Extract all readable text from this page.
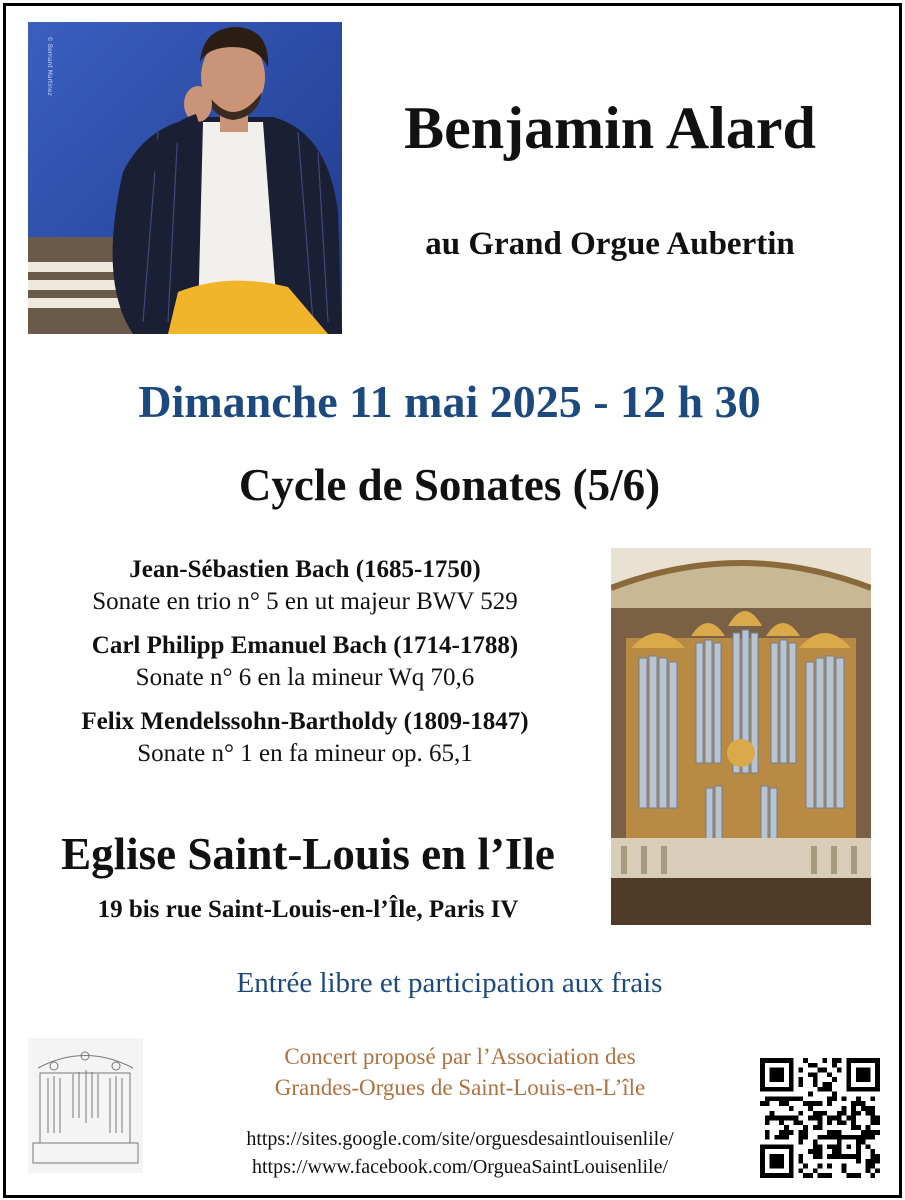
© Bernard Martinez
Benjamin Alard
au Grand Orgue Aubertin
Dimanche 11 mai 2025 - 12 h 30
Cycle de Sonates (5/6)
Jean-Sébastien Bach (1685-1750)
Sonate en trio n° 5 en ut majeur BWV 529
Carl Philipp Emanuel Bach (1714-1788)
Sonate n° 6 en la mineur Wq 70,6
Felix Mendelssohn-Bartholdy (1809-1847)
Sonate n° 1 en fa mineur op. 65,1
Eglise Saint-Louis en l’Ile
19 bis rue Saint-Louis-en-l’Île, Paris IV
Entrée libre et participation aux frais
Concert proposé par l’Association des
Grandes-Orgues de Saint-Louis-en-L’île
https://sites.google.com/site/orguesdesaintlouisenlile/
https://www.facebook.com/OrgueaSaintLouisenlile/
